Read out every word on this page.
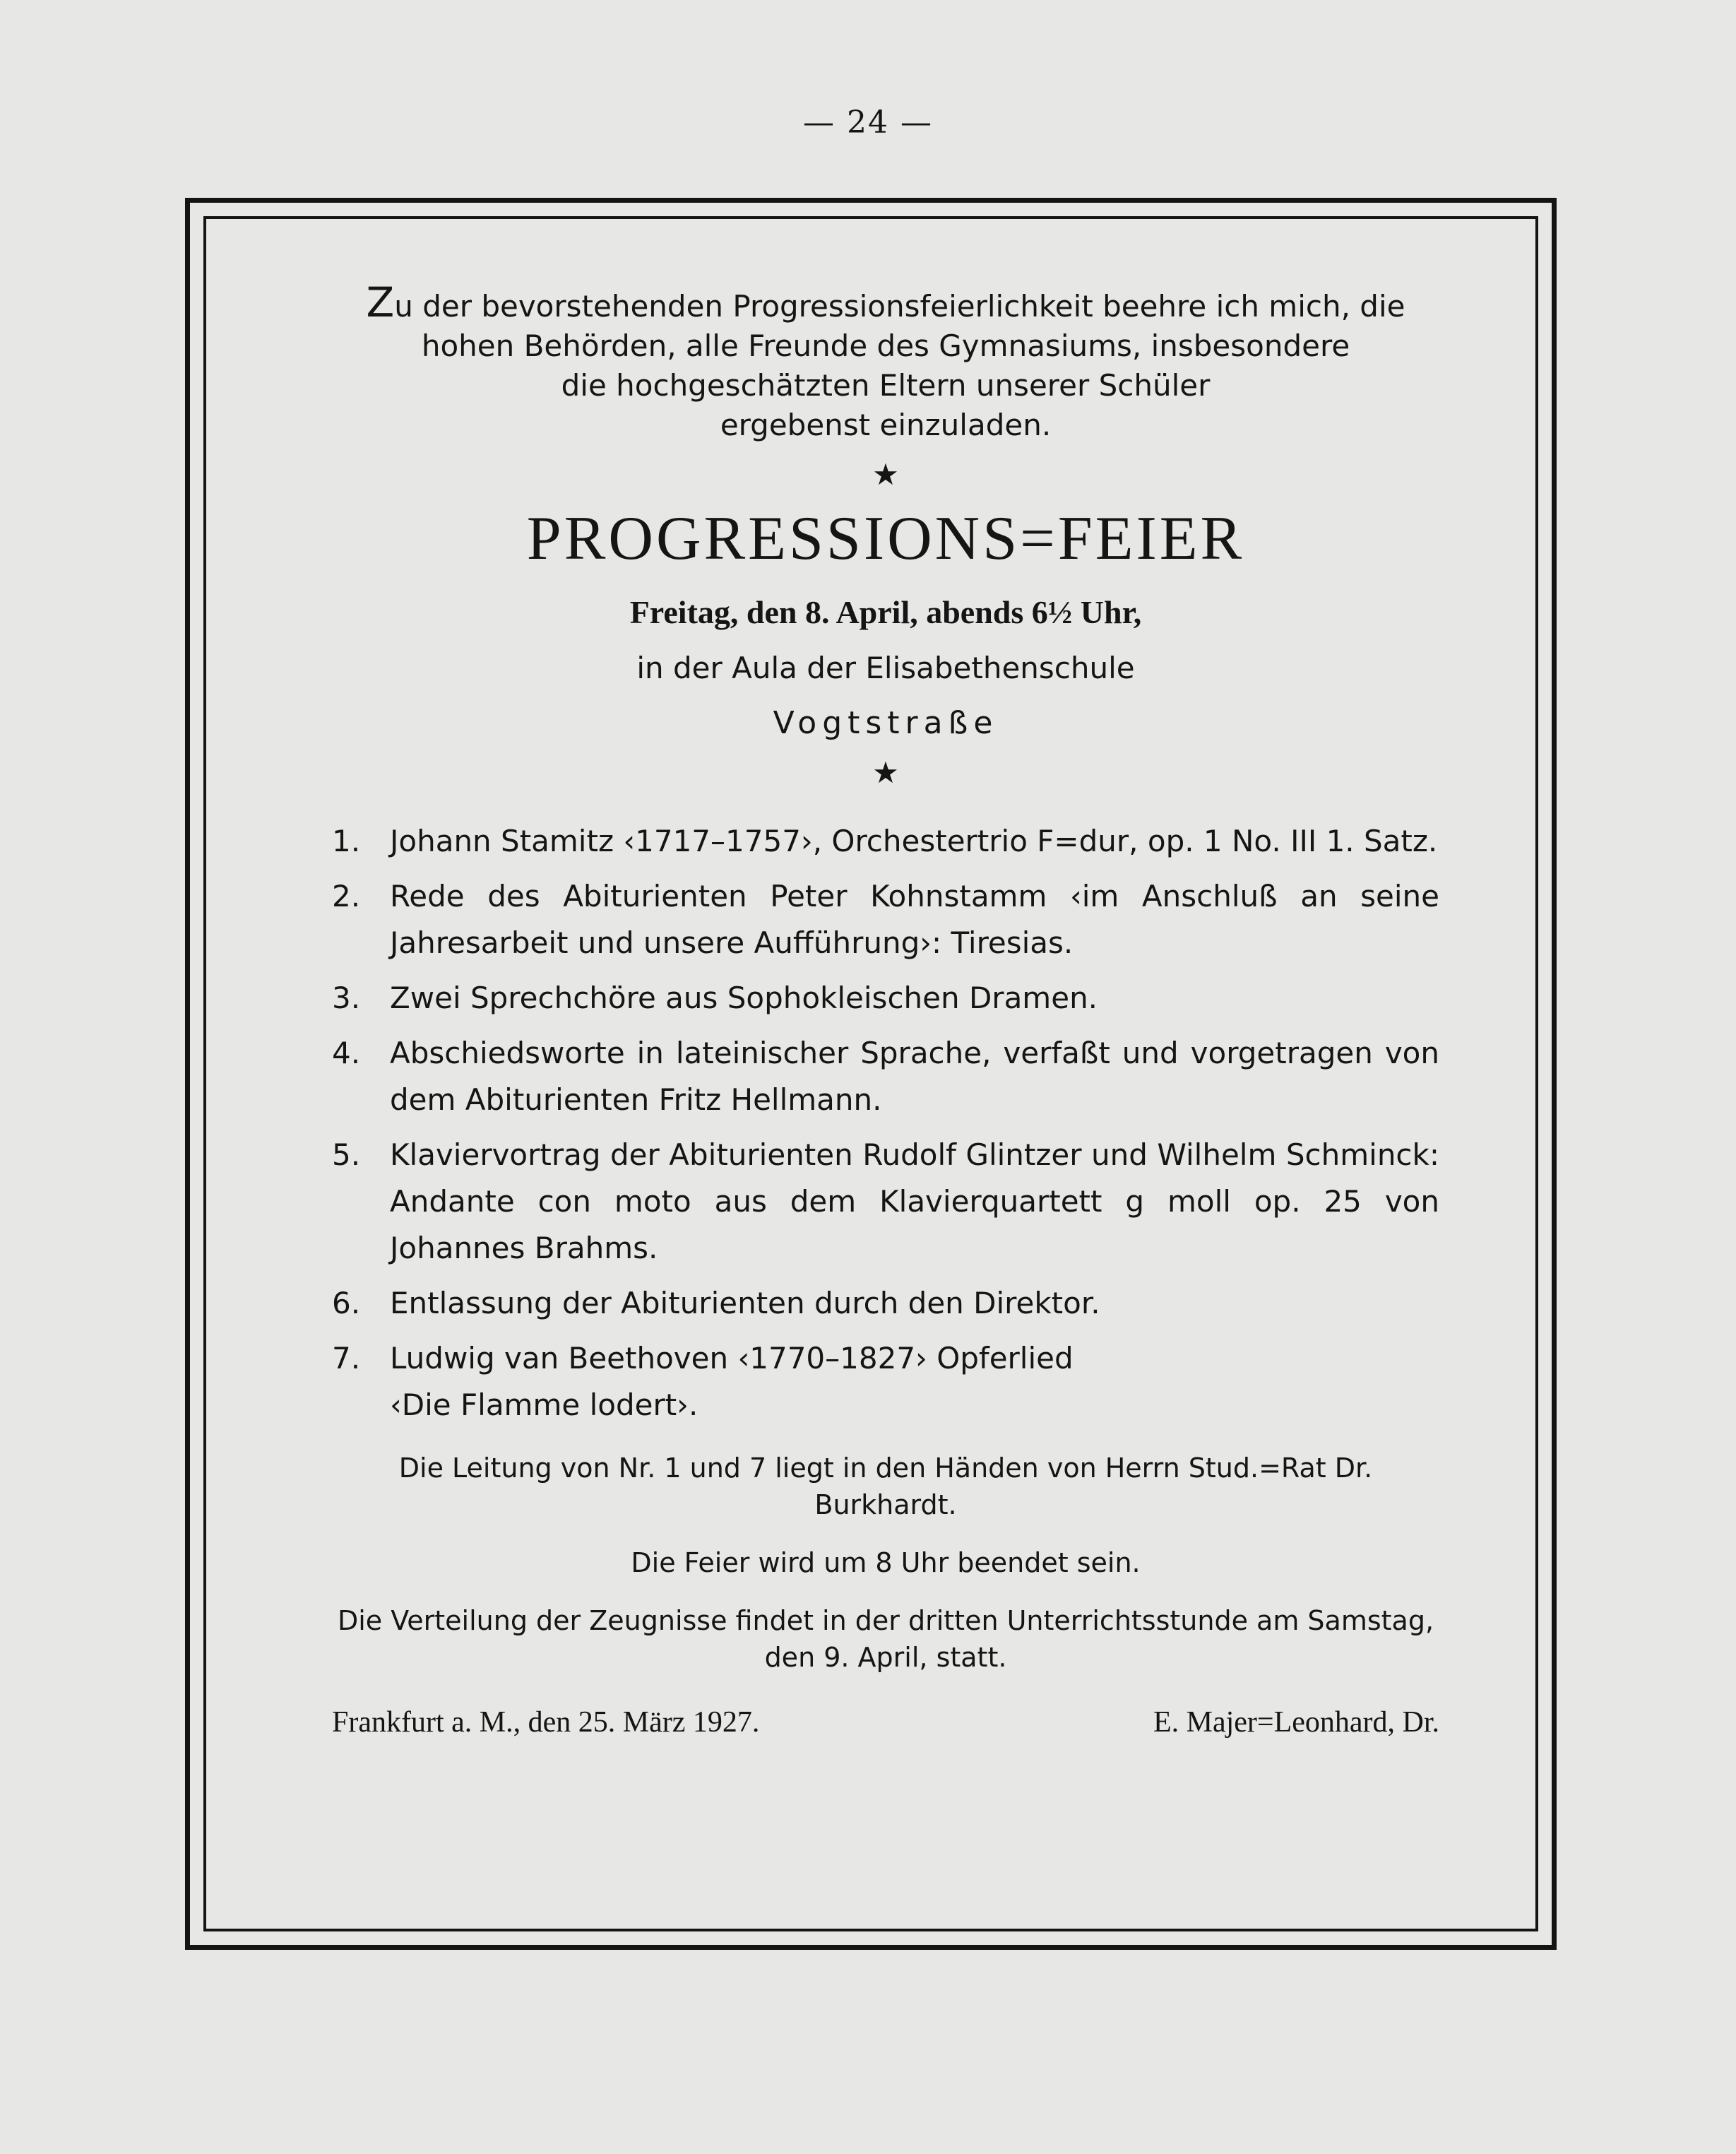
— 24 —

Zu der bevorstehenden Progressionsfeierlichkeit beehre ich mich, die
hohen Behörden, alle Freunde des Gymnasiums, insbesondere
die hochgeschätzten Eltern unserer Schüler
ergebenst einzuladen.

★
PROGRESSIONS=FEIER
Freitag, den 8. April, abends 6½ Uhr,
in der Aula der Elisabethenschule
Vogtstraße
★
1. Johann Stamitz ‹1717–1757›, Orchestertrio F=dur, op. 1 No. III 1. Satz.
2. Rede des Abiturienten Peter Kohnstamm ‹im Anschluß an seine Jahresarbeit und unsere Aufführung›: Tiresias.
3. Zwei Sprechchöre aus Sophokleischen Dramen.
4. Abschiedsworte in lateinischer Sprache, verfaßt und vorgetragen von dem Abiturienten Fritz Hellmann.
5. Klaviervortrag der Abiturienten Rudolf Glintzer und Wilhelm Schminck: Andante con moto aus dem Klavierquartett g moll op. 25 von Johannes Brahms.
6. Entlassung der Abiturienten durch den Direktor.
7. Ludwig van Beethoven ‹1770–1827› Opferlied
‹Die Flamme lodert›.

Die Leitung von Nr. 1 und 7 liegt in den Händen von Herrn Stud.=Rat Dr. Burkhardt.

Die Feier wird um 8 Uhr beendet sein.

Die Verteilung der Zeugnisse findet in der dritten Unterrichtsstunde am Samstag, den 9. April, statt.

Frankfurt a. M., den 25. März 1927.	E. Majer=Leonhard, Dr.
